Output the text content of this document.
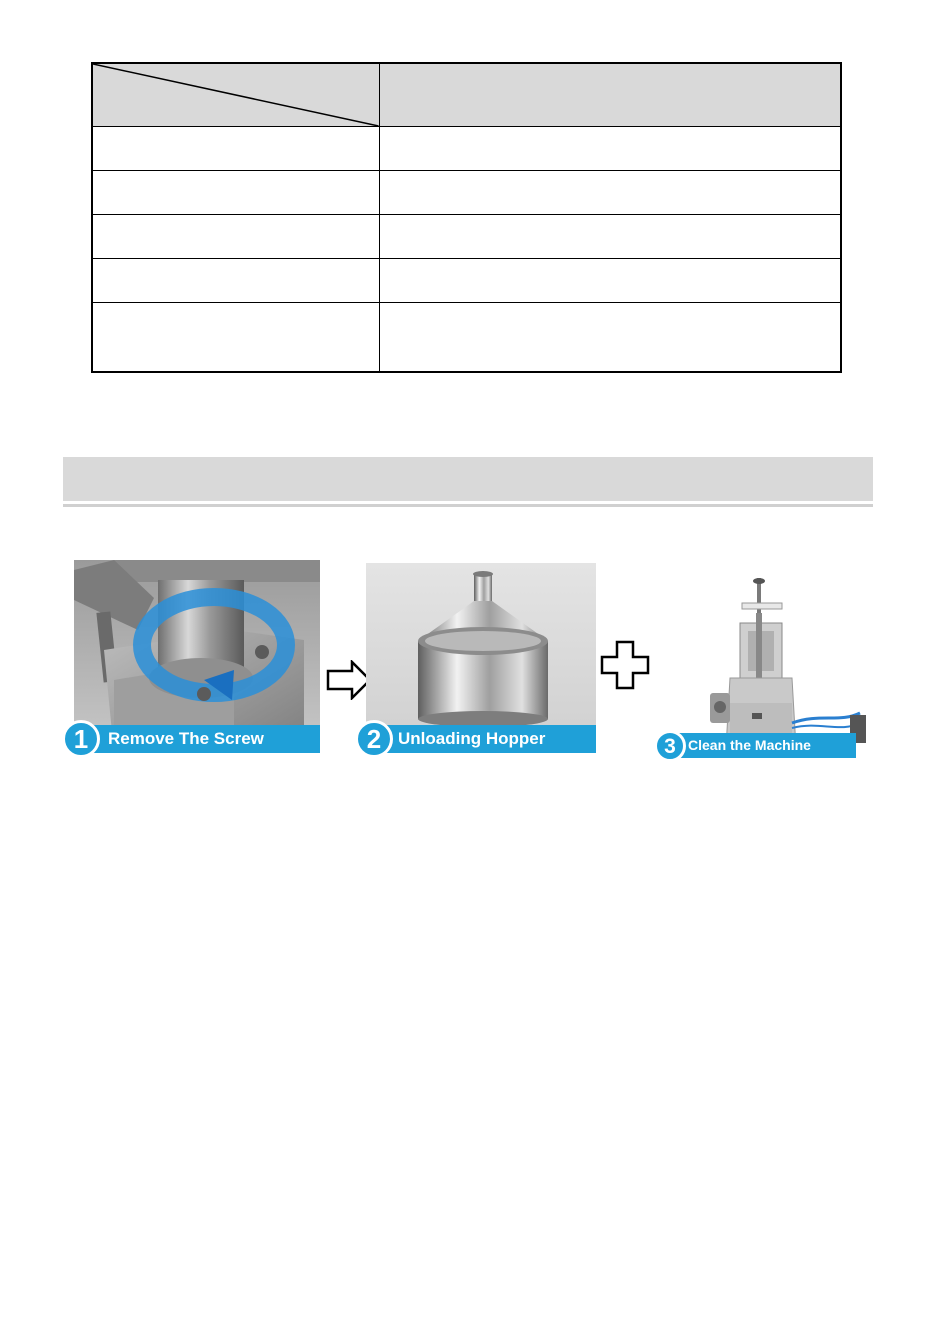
Remove The Screw
1	Unloading Hopper
2	Clean the Machine
3
